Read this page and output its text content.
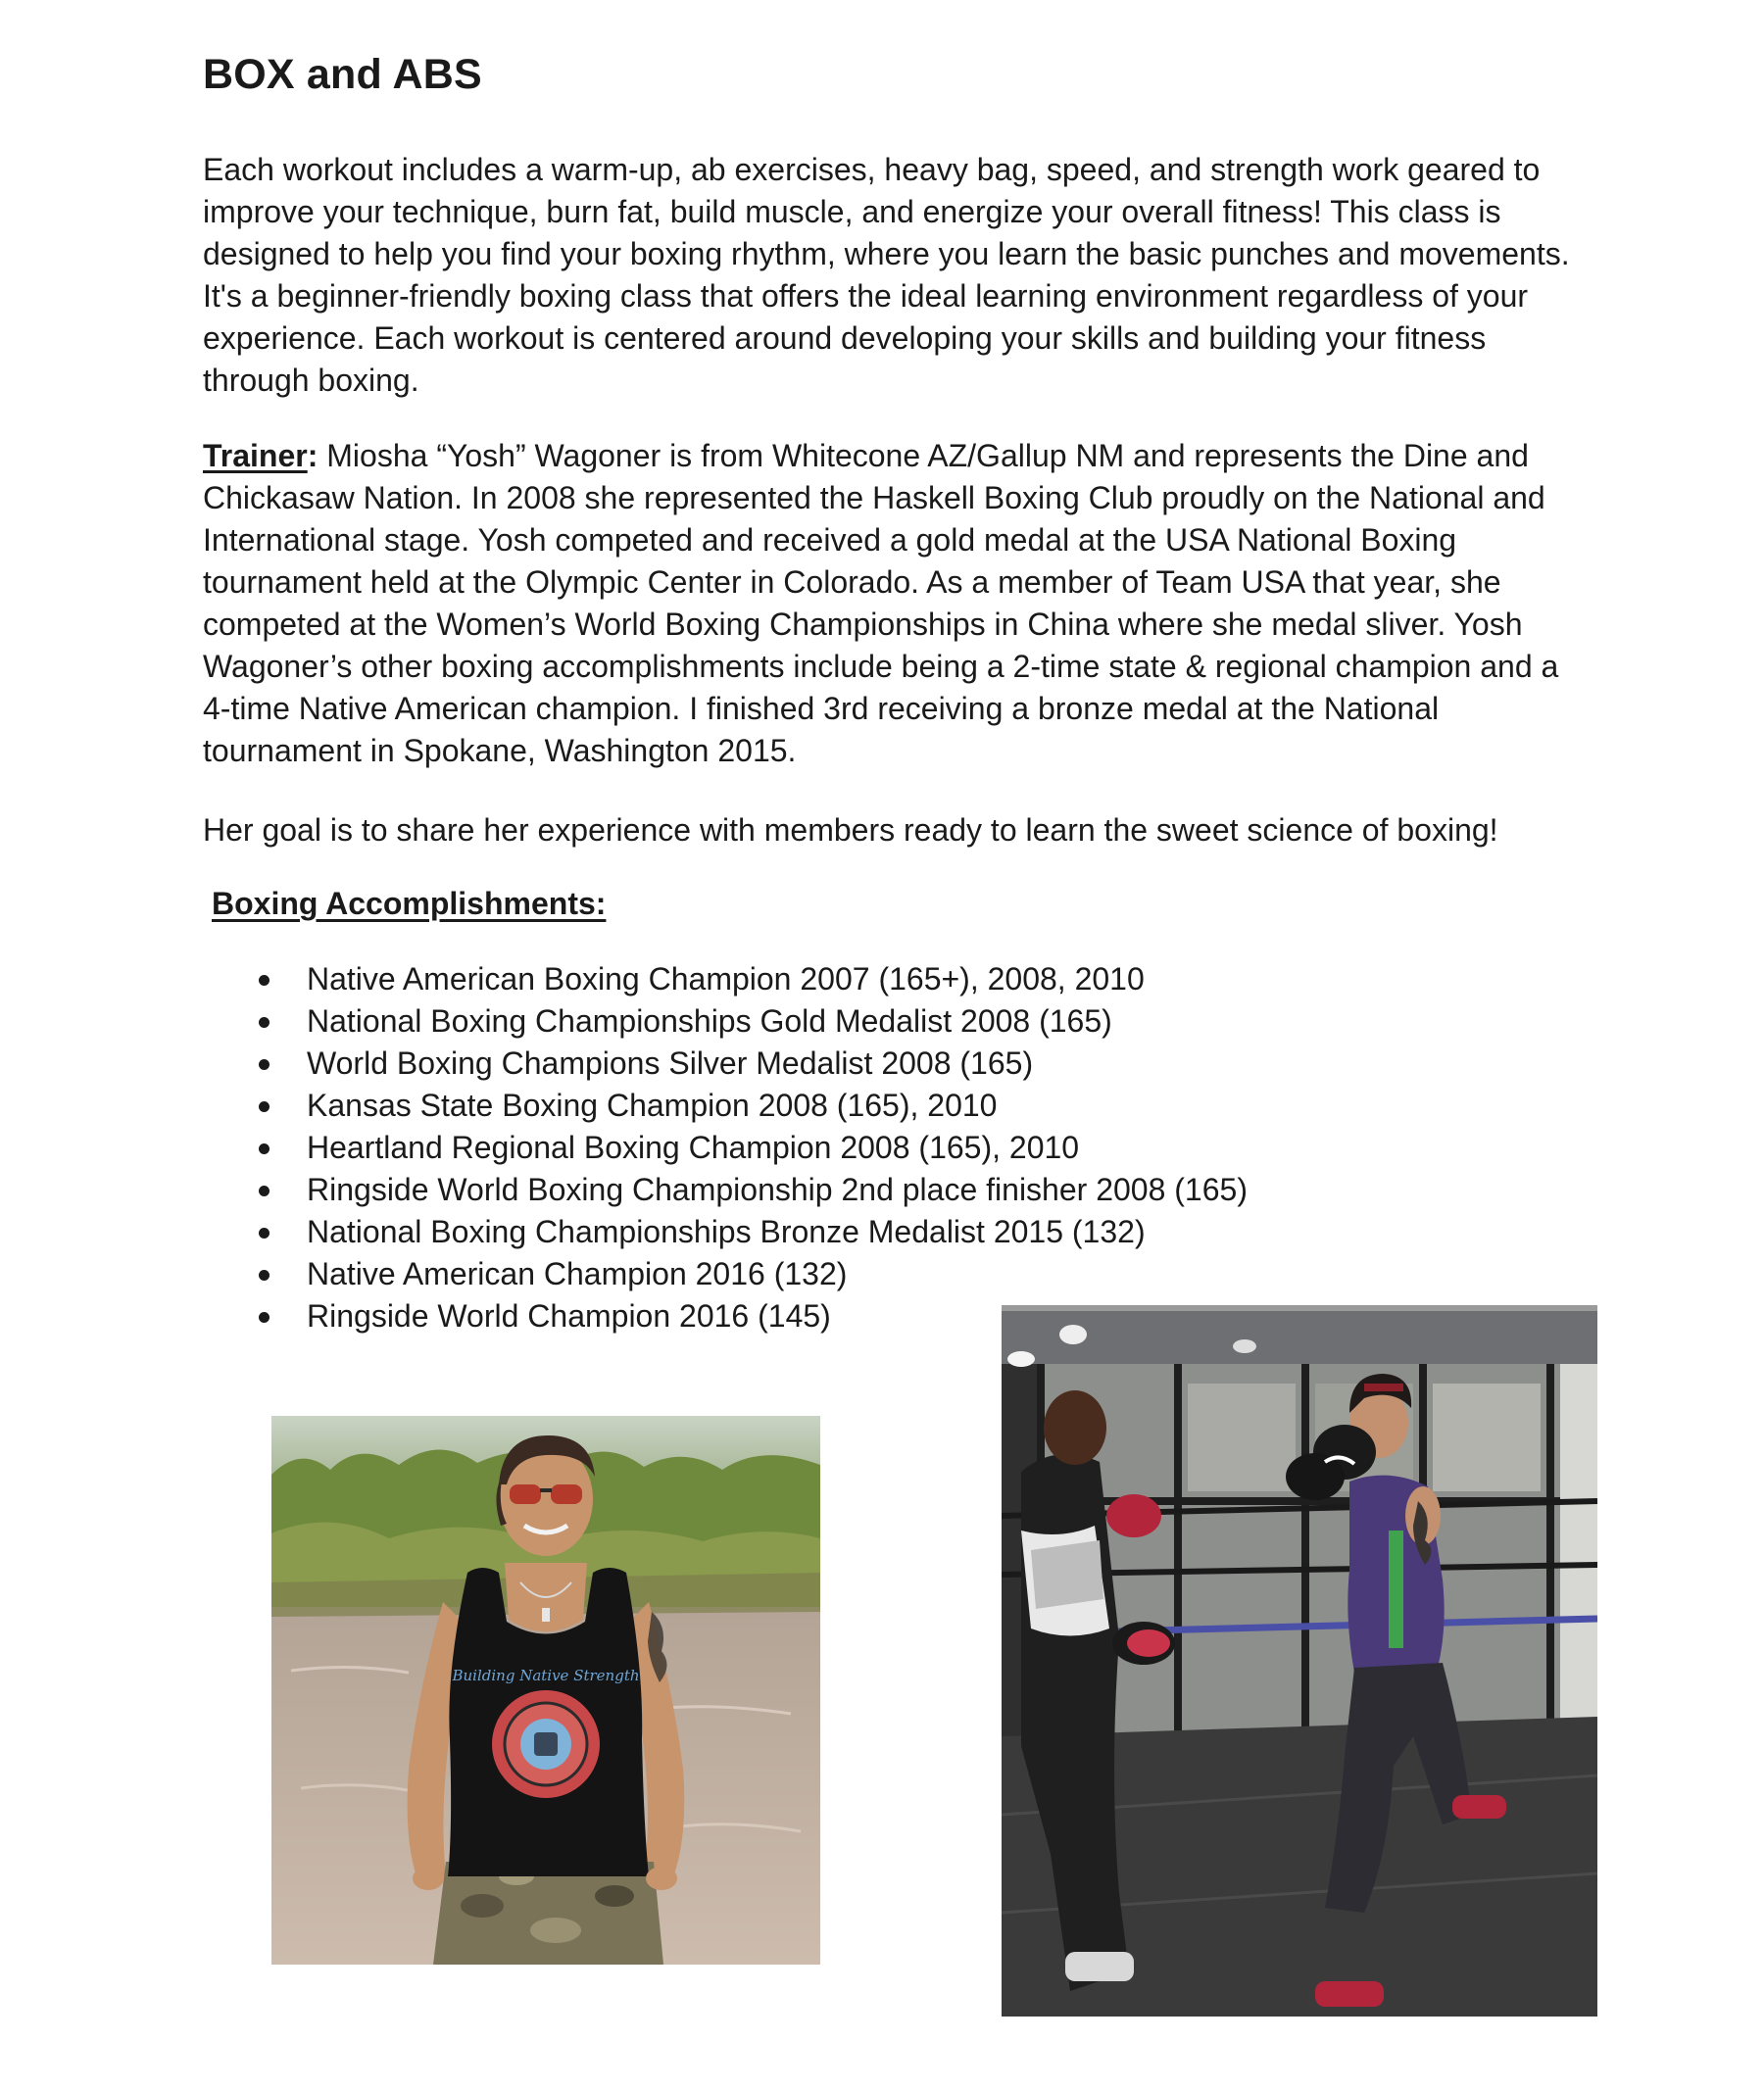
BOX and ABS

Each workout includes a warm-up, ab exercises, heavy bag, speed, and strength work geared to improve your technique, burn fat, build muscle, and energize your overall fitness! This class is designed to help you find your boxing rhythm, where you learn the basic punches and movements. It's a beginner-friendly boxing class that offers the ideal learning environment regardless of your experience. Each workout is centered around developing your skills and building your fitness through boxing.

Trainer: Miosha “Yosh” Wagoner is from Whitecone AZ/Gallup NM and represents the Dine and Chickasaw Nation. In 2008 she represented the Haskell Boxing Club proudly on the National and International stage. Yosh competed and received a gold medal at the USA National Boxing tournament held at the Olympic Center in Colorado. As a member of Team USA that year, she competed at the Women’s World Boxing Championships in China where she medal sliver. Yosh Wagoner’s other boxing accomplishments include being a 2-time state & regional champion and a 4-time Native American champion. I finished 3rd receiving a bronze medal at the National tournament in Spokane, Washington 2015.

Her goal is to share her experience with members ready to learn the sweet science of boxing!

Boxing Accomplishments:
Native American Boxing Champion 2007 (165+), 2008, 2010
National Boxing Championships Gold Medalist 2008 (165)
World Boxing Champions Silver Medalist 2008 (165)
Kansas State Boxing Champion 2008 (165), 2010
Heartland Regional Boxing Champion 2008 (165), 2010
Ringside World Boxing Championship 2nd place finisher 2008 (165)
National Boxing Championships Bronze Medalist 2015 (132)
Native American Champion 2016 (132)
Ringside World Champion 2016 (145)
Building Native Strength
